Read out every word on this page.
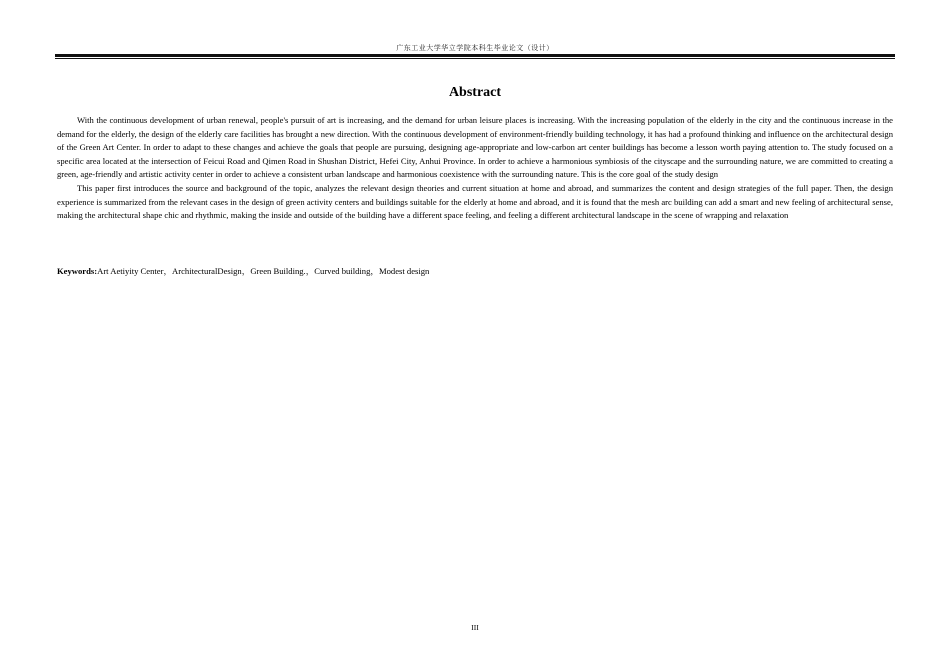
广东工业大学华立学院本科生毕业论文（设计）
Abstract

With the continuous development of urban renewal, people's pursuit of art is increasing, and the demand for urban leisure places is increasing. With the increasing population of the elderly in the city and the continuous increase in the demand for the elderly, the design of the elderly care facilities has brought a new direction. With the continuous development of environment-friendly building technology, it has had a profound thinking and influence on the architectural design of the Green Art Center. In order to adapt to these changes and achieve the goals that people are pursuing, designing age-appropriate and low-carbon art center buildings has become a lesson worth paying attention to. The study focused on a specific area located at the intersection of Feicui Road and Qimen Road in Shushan District, Hefei City, Anhui Province. In order to achieve a harmonious symbiosis of the cityscape and the surrounding nature, we are committed to creating a green, age-friendly and artistic activity center in order to achieve a consistent urban landscape and harmonious coexistence with the surrounding nature. This is the core goal of the study design

This paper first introduces the source and background of the topic, analyzes the relevant design theories and current situation at home and abroad, and summarizes the content and design strategies of the full paper. Then, the design experience is summarized from the relevant cases in the design of green activity centers and buildings suitable for the elderly at home and abroad, and it is found that the mesh arc building can add a smart and new feeling of architectural sense, making the architectural shape chic and rhythmic, making the inside and outside of the building have a different space feeling, and feeling a different architectural landscape in the scene of wrapping and relaxation

Keywords:Art Aetiyity Center，ArchitecturalDesign，Green Building.，Curved building，Modest design
III
